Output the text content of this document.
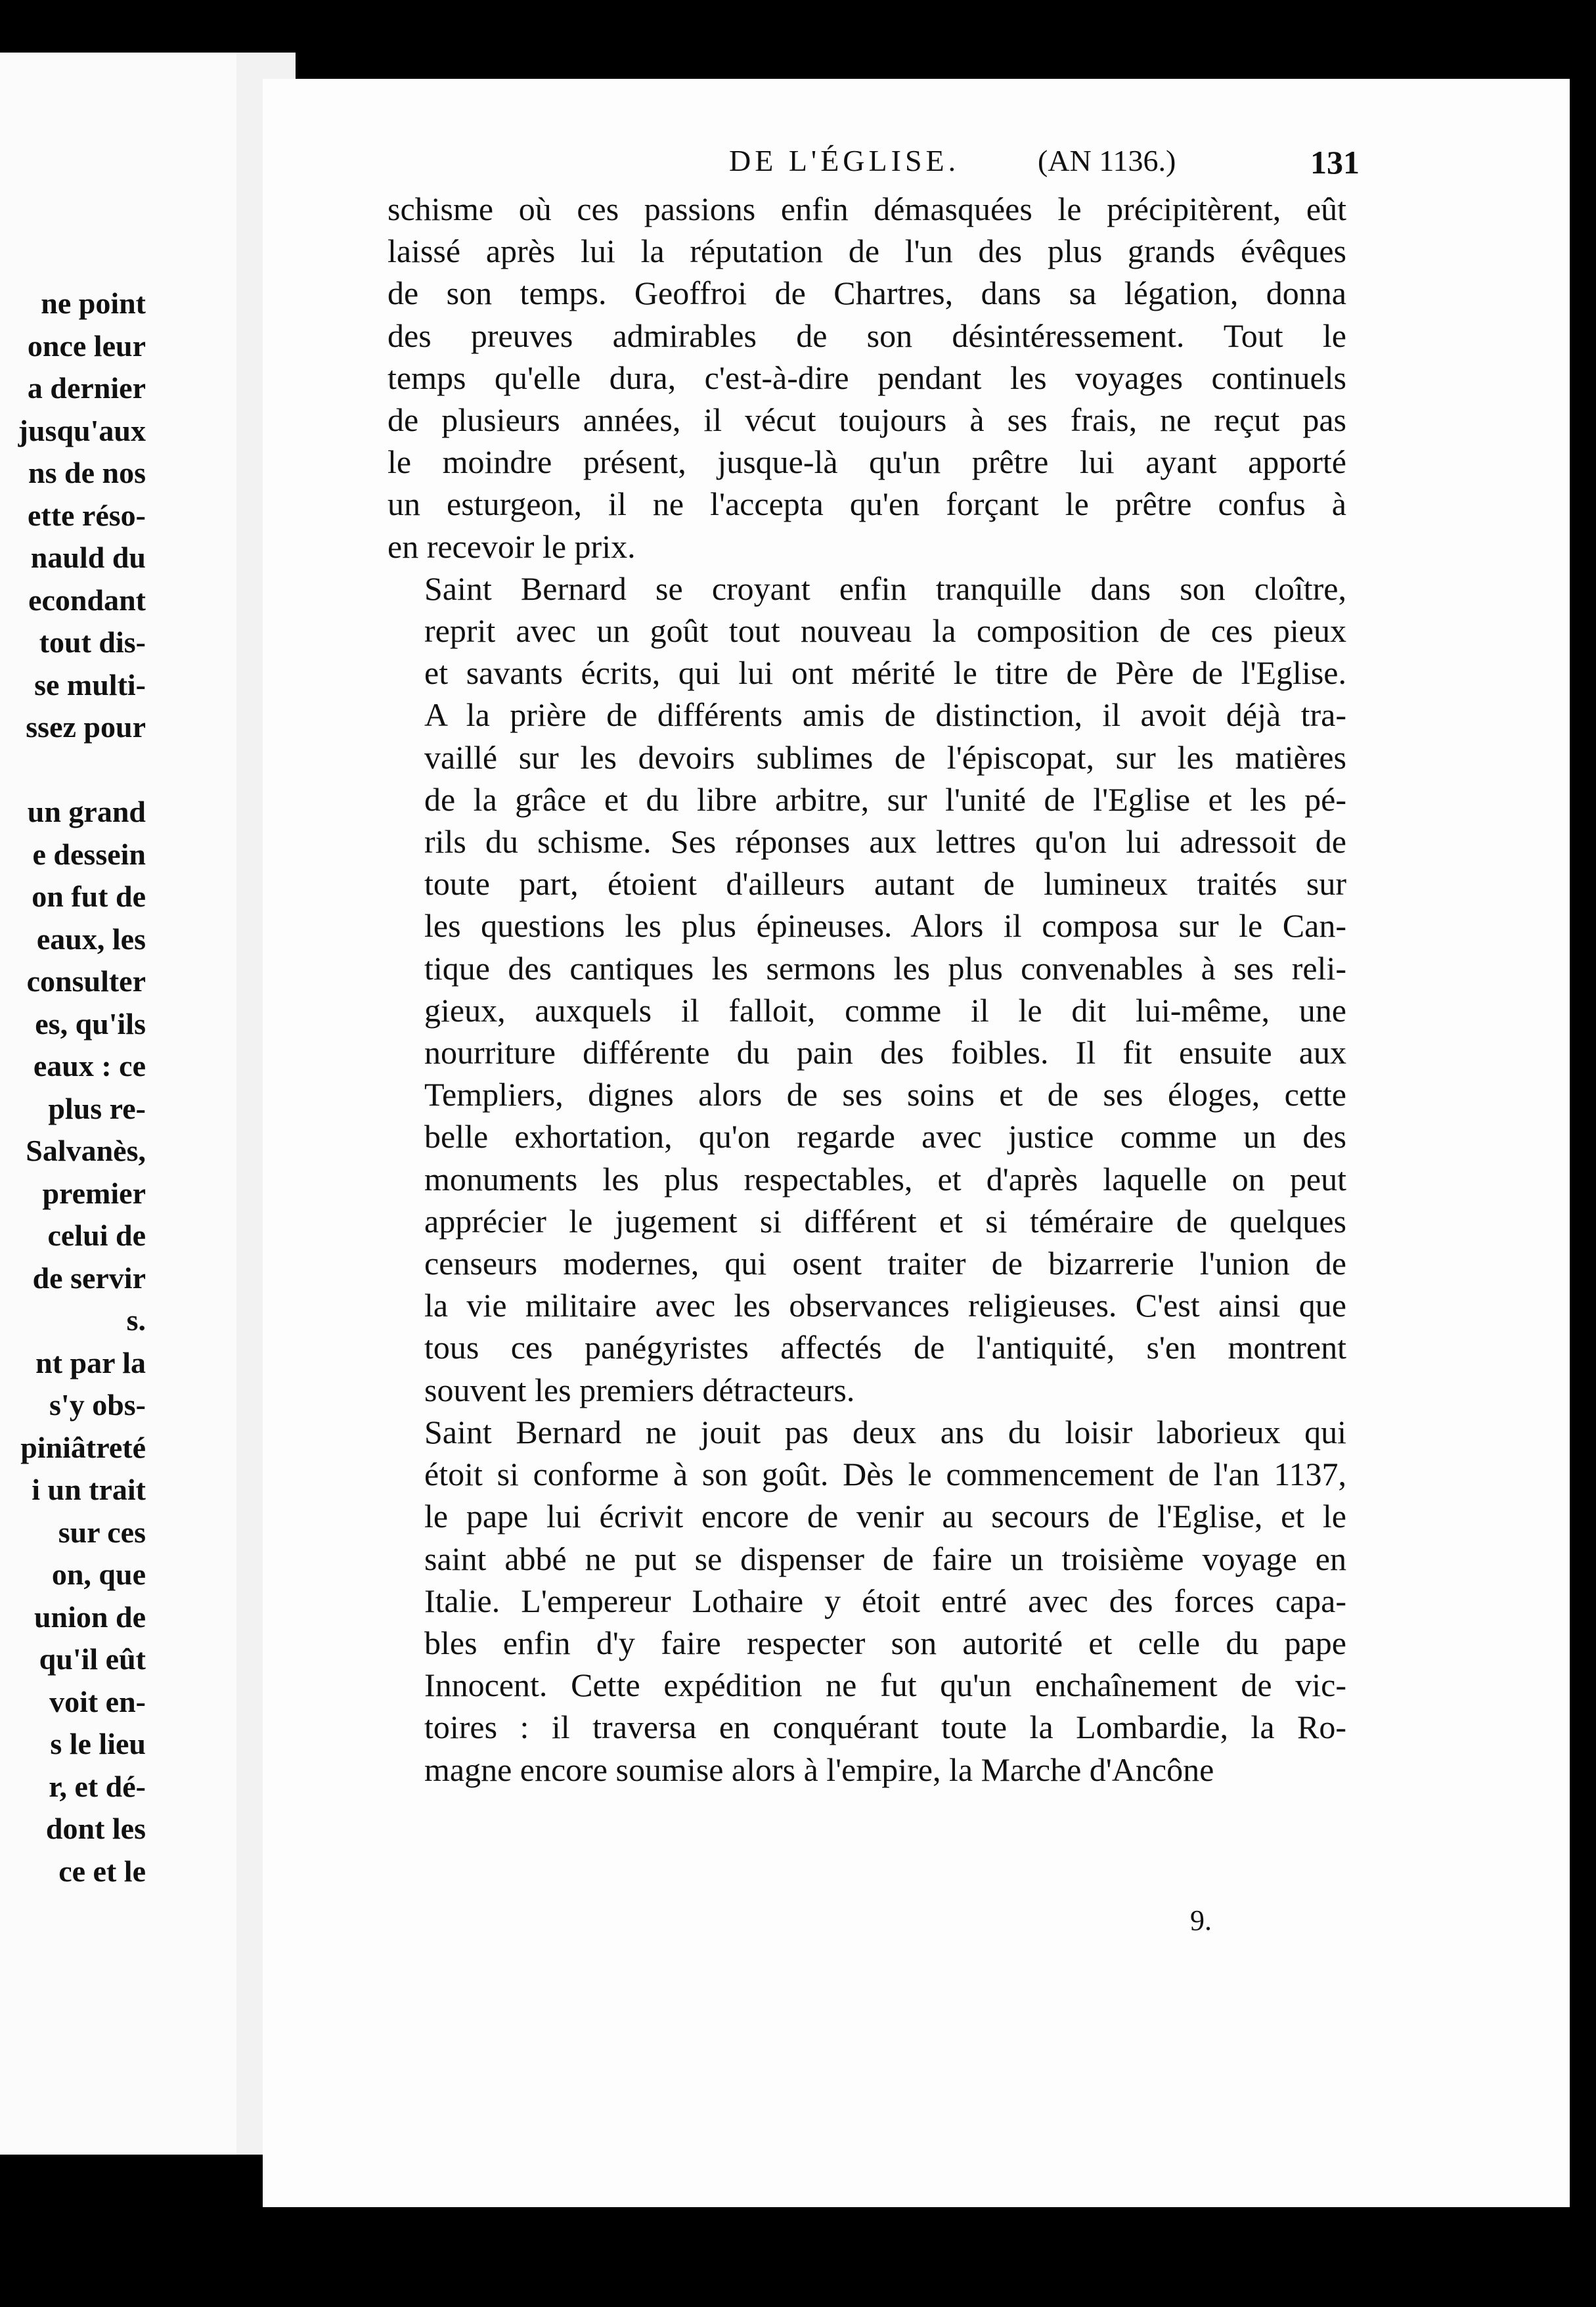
ne point
once leur
a dernier
jusqu'aux
ns de nos
ette réso-
nauld du
econdant
tout dis-
se multi-
ssez pour
un grand
e dessein
on fut de
eaux, les
consulter
es, qu'ils
eaux : ce
plus re-
Salvanès,
premier
celui de
de servir
s.
nt par la
s'y obs-
piniâtreté
i un trait
sur ces
on, que
union de
qu'il eût
voit en-
s le lieu
r, et dé-
dont les
ce et le
DE L'ÉGLISE.	(AN 1136.)	131

schisme où ces passions enfin démasquées le précipitèrent, eût
laissé après lui la réputation de l'un des plus grands évêques
de son temps. Geoffroi de Chartres, dans sa légation, donna
des preuves admirables de son désintéressement. Tout le
temps qu'elle dura, c'est-à-dire pendant les voyages continuels
de plusieurs années, il vécut toujours à ses frais, ne reçut pas
le moindre présent, jusque-là qu'un prêtre lui ayant apporté
un esturgeon, il ne l'accepta qu'en forçant le prêtre confus à
en recevoir le prix.

Saint Bernard se croyant enfin tranquille dans son cloître,
reprit avec un goût tout nouveau la composition de ces pieux
et savants écrits, qui lui ont mérité le titre de Père de l'Eglise.
A la prière de différents amis de distinction, il avoit déjà tra-
vaillé sur les devoirs sublimes de l'épiscopat, sur les matières
de la grâce et du libre arbitre, sur l'unité de l'Eglise et les pé-
rils du schisme. Ses réponses aux lettres qu'on lui adressoit de
toute part, étoient d'ailleurs autant de lumineux traités sur
les questions les plus épineuses. Alors il composa sur le Can-
tique des cantiques les sermons les plus convenables à ses reli-
gieux, auxquels il falloit, comme il le dit lui-même, une
nourriture différente du pain des foibles. Il fit ensuite aux
Templiers, dignes alors de ses soins et de ses éloges, cette
belle exhortation, qu'on regarde avec justice comme un des
monuments les plus respectables, et d'après laquelle on peut
apprécier le jugement si différent et si téméraire de quelques
censeurs modernes, qui osent traiter de bizarrerie l'union de
la vie militaire avec les observances religieuses. C'est ainsi que
tous ces panégyristes affectés de l'antiquité, s'en montrent
souvent les premiers détracteurs.

Saint Bernard ne jouit pas deux ans du loisir laborieux qui
étoit si conforme à son goût. Dès le commencement de l'an 1137,
le pape lui écrivit encore de venir au secours de l'Eglise, et le
saint abbé ne put se dispenser de faire un troisième voyage en
Italie. L'empereur Lothaire y étoit entré avec des forces capa-
bles enfin d'y faire respecter son autorité et celle du pape
Innocent. Cette expédition ne fut qu'un enchaînement de vic-
toires : il traversa en conquérant toute la Lombardie, la Ro-
magne encore soumise alors à l'empire, la Marche d'Ancône

9.
